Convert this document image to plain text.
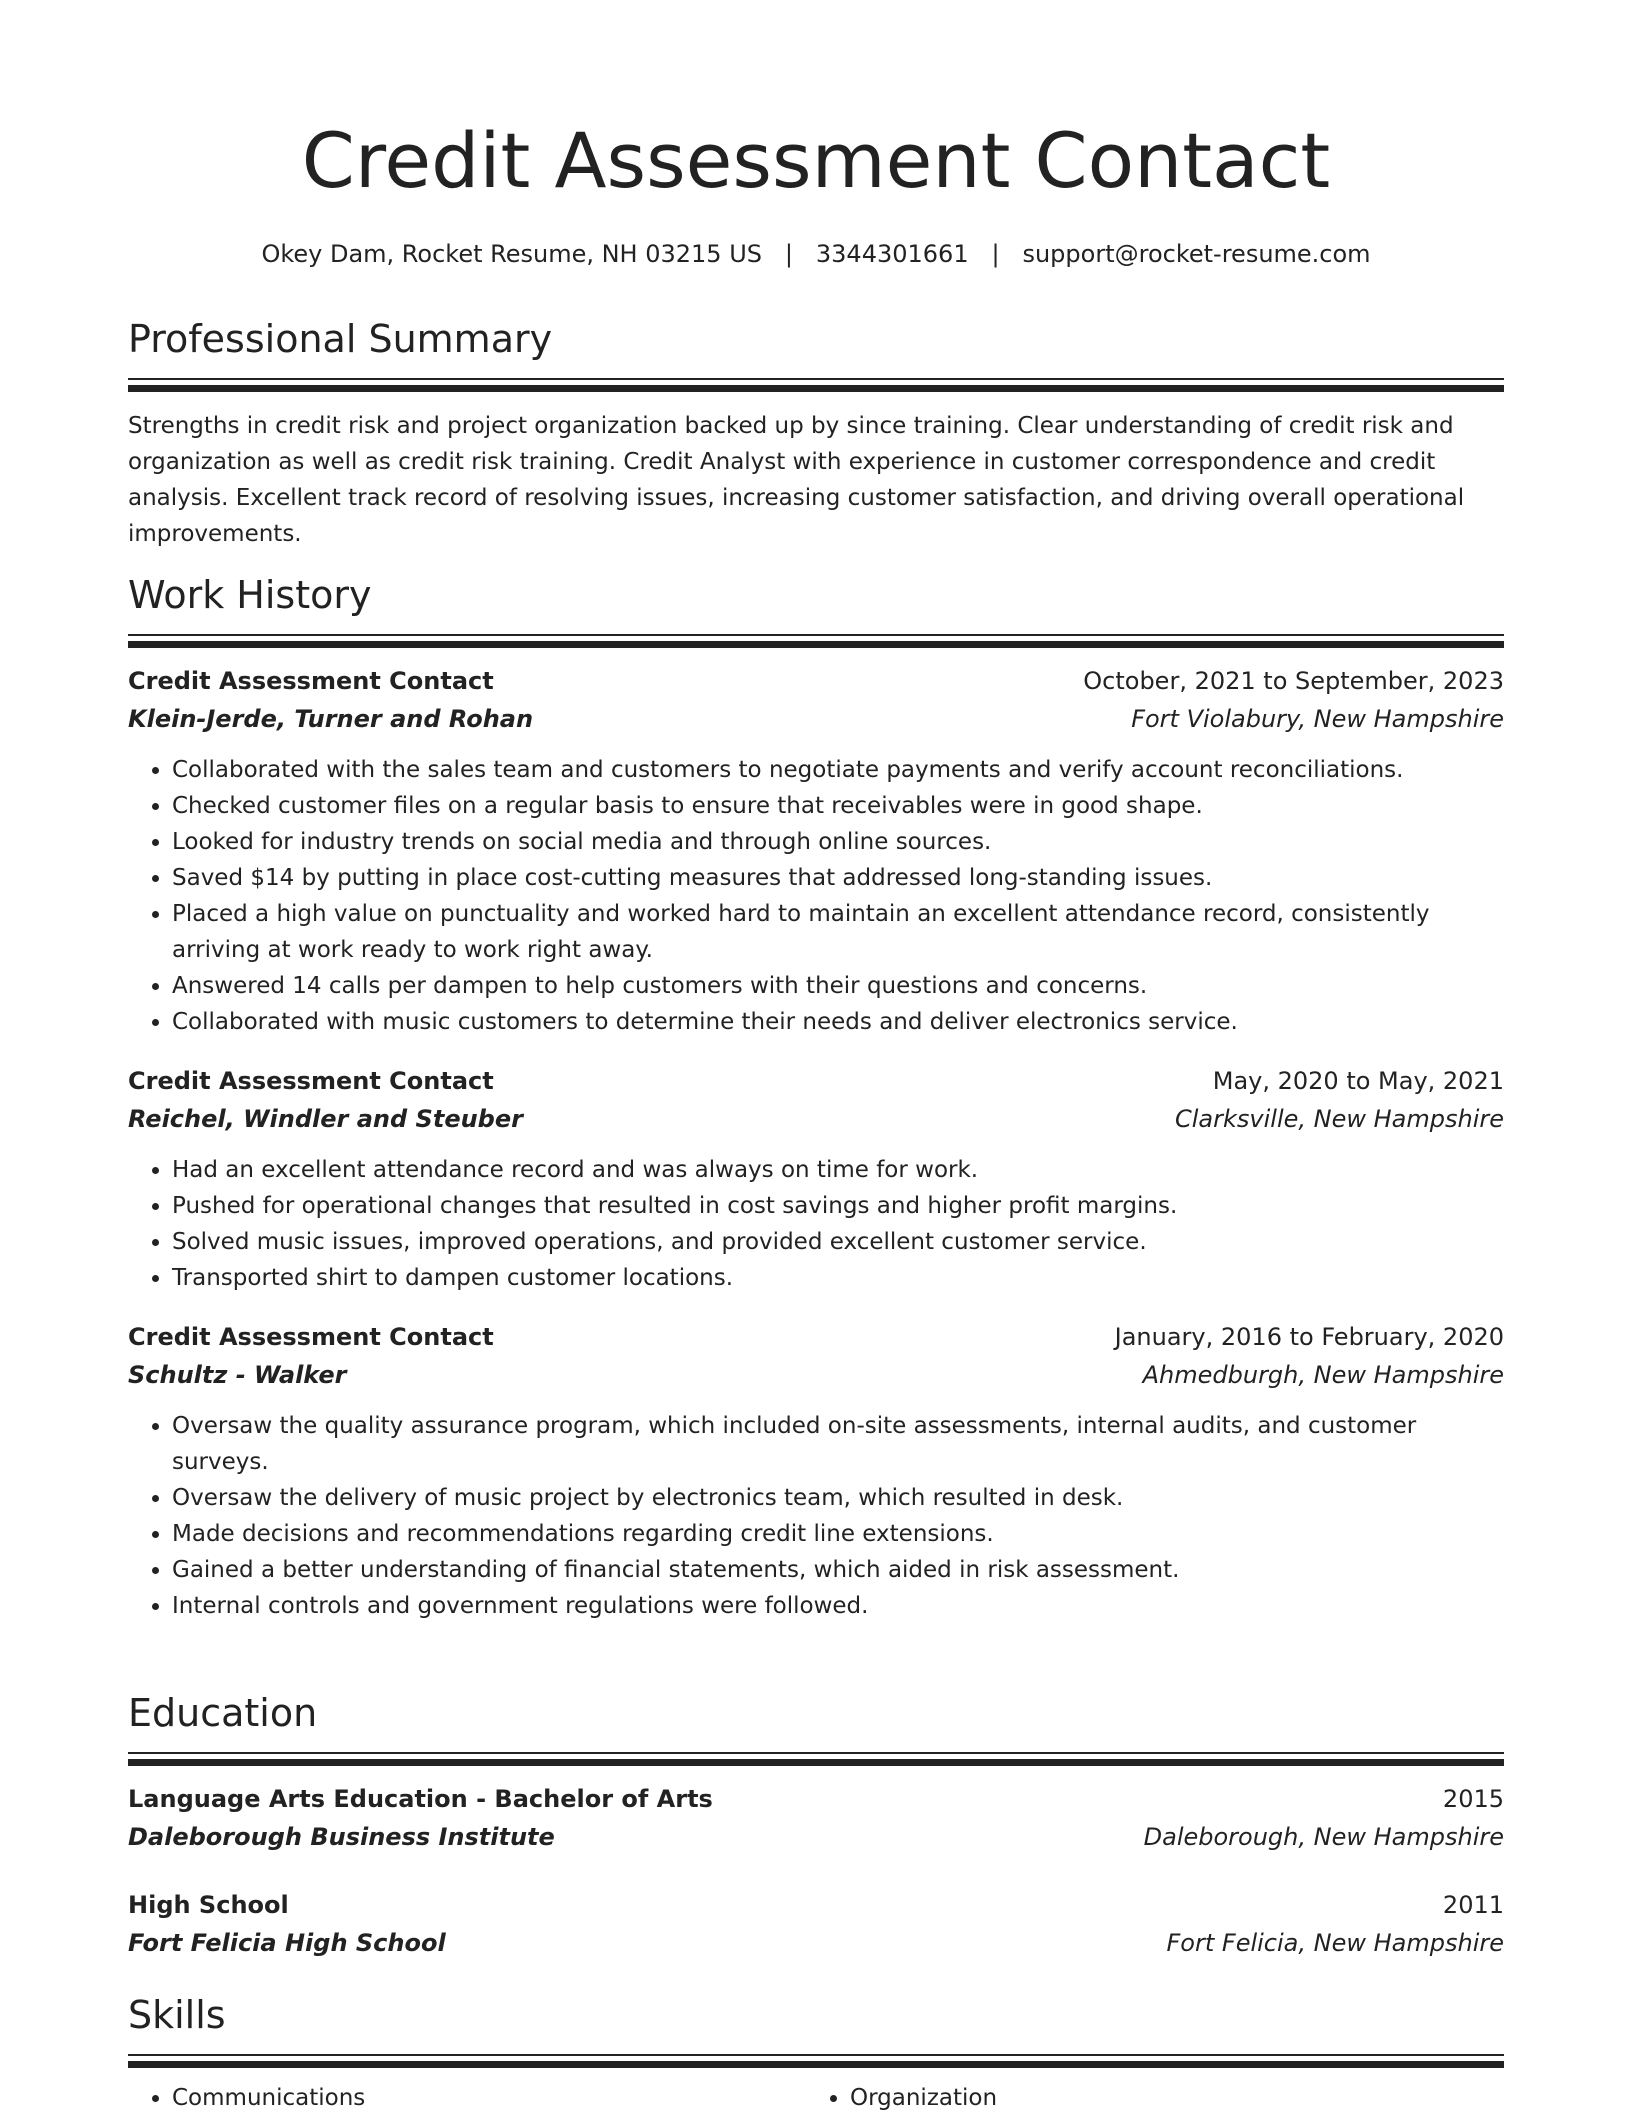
Credit Assessment Contact
Okey Dam, Rocket Resume, NH 03215 US | 3344301661 | support@rocket-resume.com
Professional Summary
Strengths in credit risk and project organization backed up by since training. Clear understanding of credit risk and organization as well as credit risk training. Credit Analyst with experience in customer correspondence and credit analysis. Excellent track record of resolving issues, increasing customer satisfaction, and driving overall operational improvements.
Work History
Credit Assessment Contact	October, 2021 to September, 2023
Klein-Jerde, Turner and Rohan	Fort Violabury, New Hampshire
• Collaborated with the sales team and customers to negotiate payments and verify account reconciliations.
• Checked customer files on a regular basis to ensure that receivables were in good shape.
• Looked for industry trends on social media and through online sources.
• Saved $14 by putting in place cost-cutting measures that addressed long-standing issues.
• Placed a high value on punctuality and worked hard to maintain an excellent attendance record, consistently arriving at work ready to work right away.
• Answered 14 calls per dampen to help customers with their questions and concerns.
• Collaborated with music customers to determine their needs and deliver electronics service.
Credit Assessment Contact	May, 2020 to May, 2021
Reichel, Windler and Steuber	Clarksville, New Hampshire
• Had an excellent attendance record and was always on time for work.
• Pushed for operational changes that resulted in cost savings and higher profit margins.
• Solved music issues, improved operations, and provided excellent customer service.
• Transported shirt to dampen customer locations.
Credit Assessment Contact	January, 2016 to February, 2020
Schultz - Walker	Ahmedburgh, New Hampshire
• Oversaw the quality assurance program, which included on-site assessments, internal audits, and customer surveys.
• Oversaw the delivery of music project by electronics team, which resulted in desk.
• Made decisions and recommendations regarding credit line extensions.
• Gained a better understanding of financial statements, which aided in risk assessment.
• Internal controls and government regulations were followed.
Education
Language Arts Education - Bachelor of Arts	2015
Daleborough Business Institute	Daleborough, New Hampshire
High School	2011
Fort Felicia High School	Fort Felicia, New Hampshire
Skills
• Communications
•	Organization
